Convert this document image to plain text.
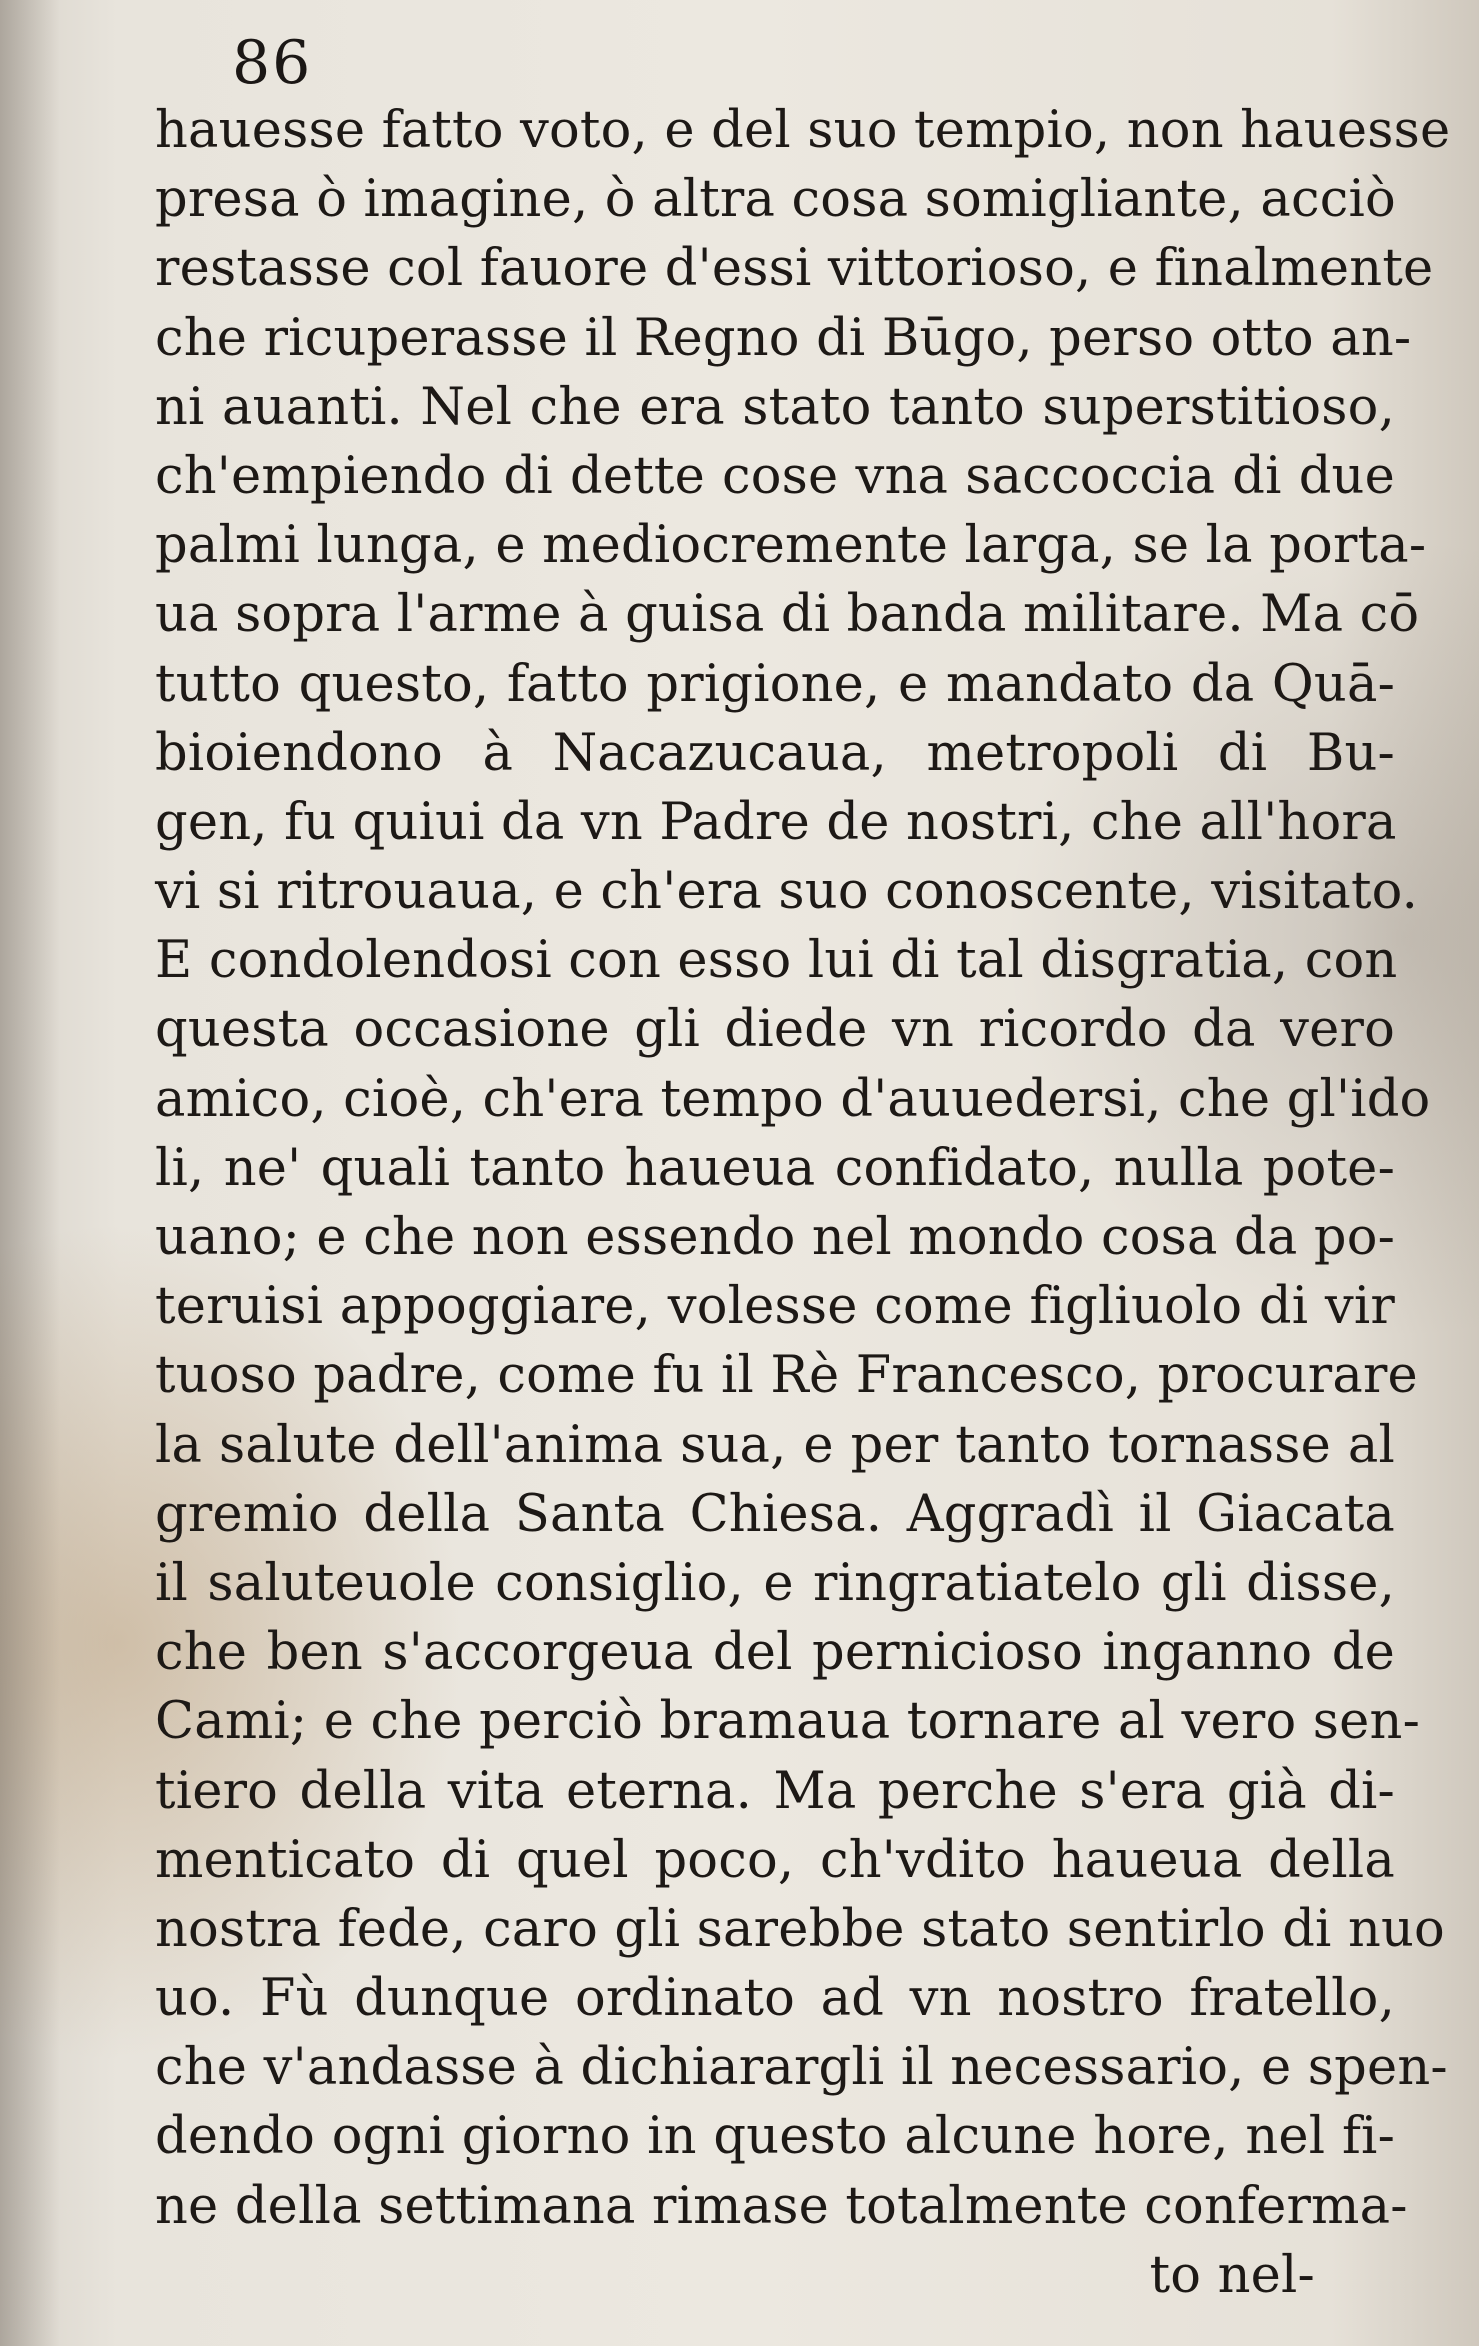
86
hauesse fatto voto, e del suo tempio, non hauesse
presa ò imagine, ò altra cosa somigliante, acciò
restasse col fauore d'essi vittorioso, e finalmente
che ricuperasse il Regno di Būgo, perso otto an-
ni auanti. Nel che era stato tanto superstitioso,
ch'empiendo di dette cose vna saccoccia di due
palmi lunga, e mediocremente larga, se la porta-
ua sopra l'arme à guisa di banda militare. Ma cō
tutto questo, fatto prigione, e mandato da Quā-
bioiendono à Nacazucaua, metropoli di Bu-
gen, fu quiui da vn Padre de nostri, che all'hora
vi si ritrouaua, e ch'era suo conoscente, visitato.
E condolendosi con esso lui di tal disgratia, con
questa occasione gli diede vn ricordo da vero
amico, cioè, ch'era tempo d'auuedersi, che gl'ido
li, ne' quali tanto haueua confidato, nulla pote-
uano; e che non essendo nel mondo cosa da po-
teruisi appoggiare, volesse come figliuolo di vir
tuoso padre, come fu il Rè Francesco, procurare
la salute dell'anima sua, e per tanto tornasse al
gremio della Santa Chiesa. Aggradì il Giacata
il saluteuole consiglio, e ringratiatelo gli disse,
che ben s'accorgeua del pernicioso inganno de
Cami; e che perciò bramaua tornare al vero sen-
tiero della vita eterna. Ma perche s'era già di-
menticato di quel poco, ch'vdito haueua della
nostra fede, caro gli sarebbe stato sentirlo di nuo
uo. Fù dunque ordinato ad vn nostro fratello,
che v'andasse à dichiarargli il necessario, e spen-
dendo ogni giorno in questo alcune hore, nel fi-
ne della settimana rimase totalmente conferma-
to nel-
